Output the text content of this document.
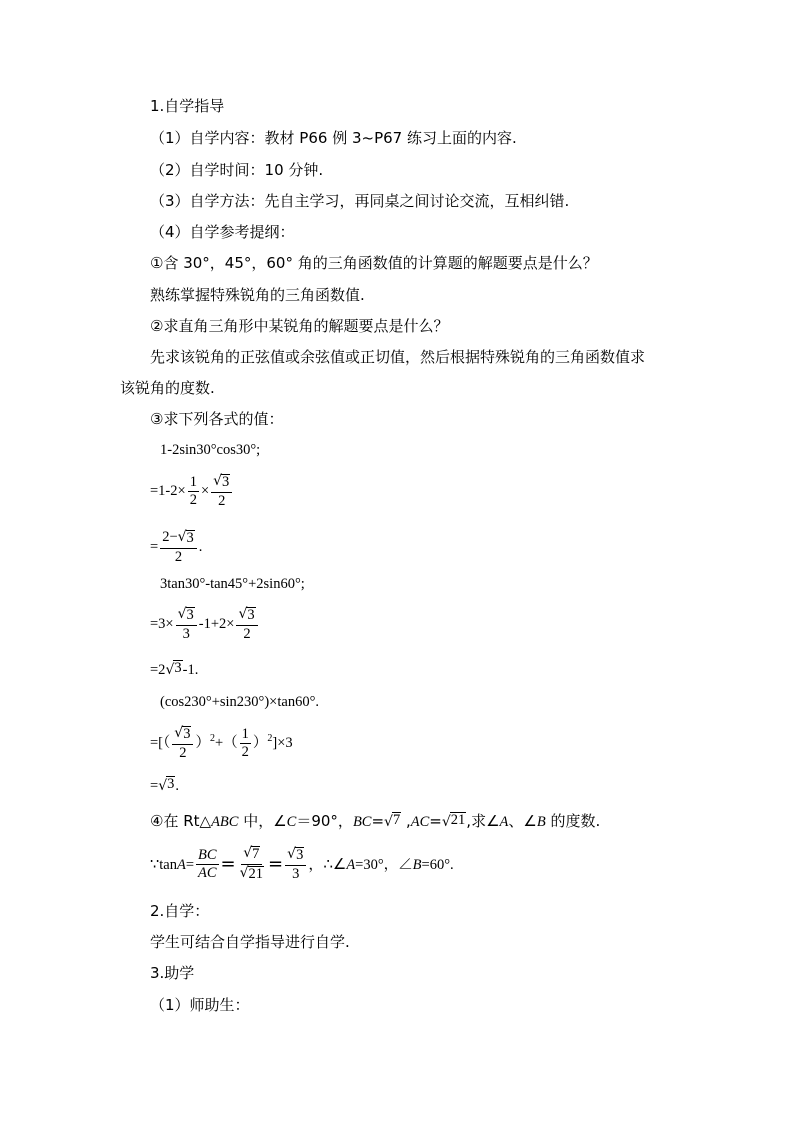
1.自学指导
（1）自学内容：教材 P66 例 3~P67 练习上面的内容.
（2）自学时间：10 分钟.
（3）自学方法：先自主学习，再同桌之间讨论交流，互相纠错.
（4）自学参考提纲：
①含 30°，45°，60° 角的三角函数值的计算题的解题要点是什么？
熟练掌握特殊锐角的三角函数值.
②求直角三角形中某锐角的解题要点是什么？
先求该锐角的正弦值或余弦值或正切值，然后根据特殊锐角的三角函数值求
该锐角的度数.
③求下列各式的值：
1-2sin30°cos30°;
$=1-2\times \frac{1}{2} \times \frac{√ 3}{2}$
= $\frac{2- √ 3}{2}$ .
3tan30°-tan45°+2sin60°;
$=3\times \frac{√ 3}{3} -1+2\times \frac{√ 3}{2}$
=2 √ 3 -1.
(cos230°+sin230°)×tan60°.
=[（ $\frac{√ 3}{2} )^2+( \frac{1}{2} )^2]\times 3$
= √ 3 .
④在 Rt△ABC 中，∠C＝90°，BC= √ 7 ,AC= √ 21 ,求∠A、∠B 的度数.
∵tanA= $\frac{BC}{AC} = \frac{√ 7}{√ 21} = \frac{√ 3}{3}$ ，∴∠A=30°，∠B=60°.
2.自学：
学生可结合自学指导进行自学.
3.助学
（1）师助生：
